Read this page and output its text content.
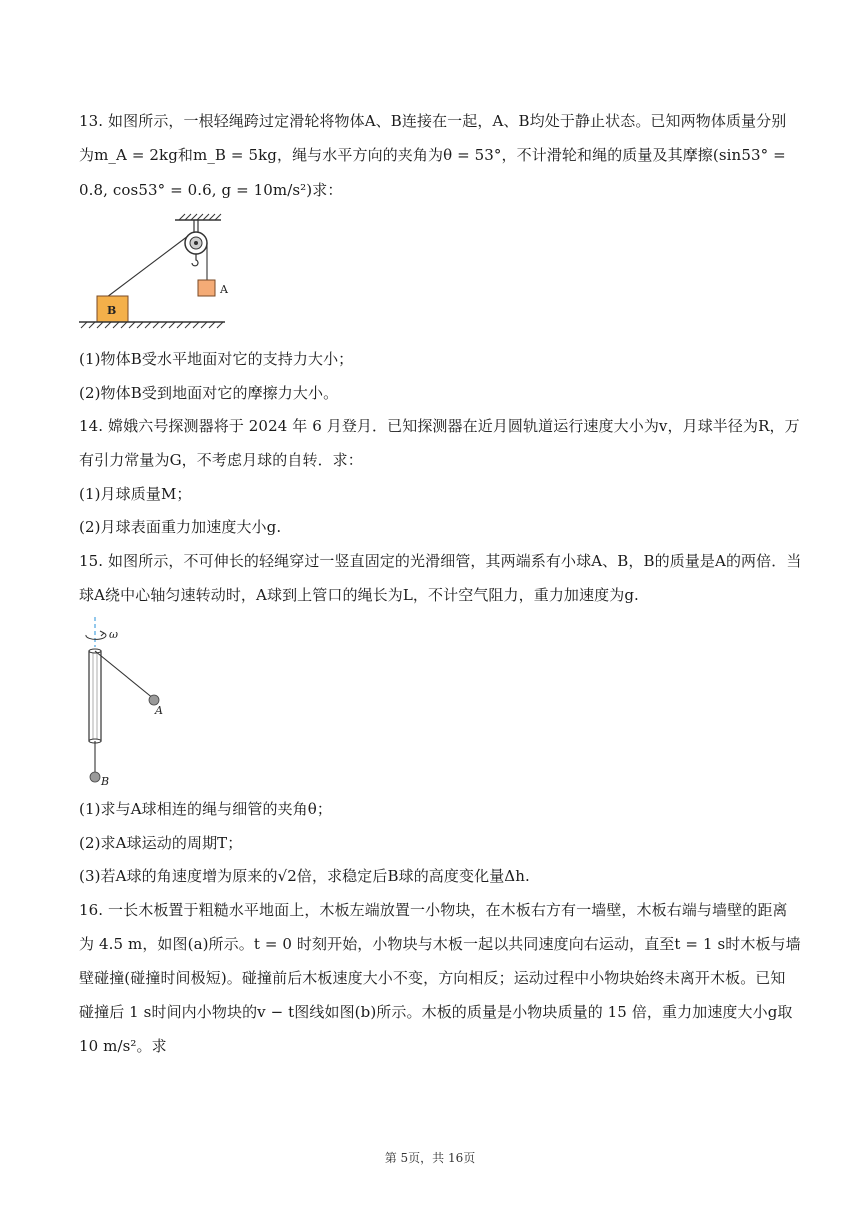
13. 如图所示，一根轻绳跨过定滑轮将物体A、B连接在一起，A、B均处于静止状态。已知两物体质量分别
为m_A = 2kg和m_B = 5kg，绳与水平方向的夹角为θ = 53°，不计滑轮和绳的质量及其摩擦(sin53° =
0.8, cos53° = 0.6, g = 10m/s²)求：
A
B
(1)物体B受水平地面对它的支持力大小；
(2)物体B受到地面对它的摩擦力大小。
14. 嫦娥六号探测器将于 2024 年 6 月登月．已知探测器在近月圆轨道运行速度大小为v，月球半径为R，万
有引力常量为G，不考虑月球的自转．求：
(1)月球质量M；
(2)月球表面重力加速度大小g.
15. 如图所示，不可伸长的轻绳穿过一竖直固定的光滑细管，其两端系有小球A、B，B的质量是A的两倍．当
球A绕中心轴匀速转动时，A球到上管口的绳长为L，不计空气阻力，重力加速度为g.
ω
A
B
(1)求与A球相连的绳与细管的夹角θ；
(2)求A球运动的周期T；
(3)若A球的角速度增为原来的√2倍，求稳定后B球的高度变化量Δh.
16. 一长木板置于粗糙水平地面上，木板左端放置一小物块，在木板右方有一墙壁，木板右端与墙壁的距离
为 4.5 m，如图(a)所示。t = 0 时刻开始，小物块与木板一起以共同速度向右运动，直至t = 1 s时木板与墙
壁碰撞(碰撞时间极短)。碰撞前后木板速度大小不变，方向相反；运动过程中小物块始终未离开木板。已知
碰撞后 1 s时间内小物块的v − t图线如图(b)所示。木板的质量是小物块质量的 15 倍，重力加速度大小g取
10 m/s²。求
第 5页，共 16页
